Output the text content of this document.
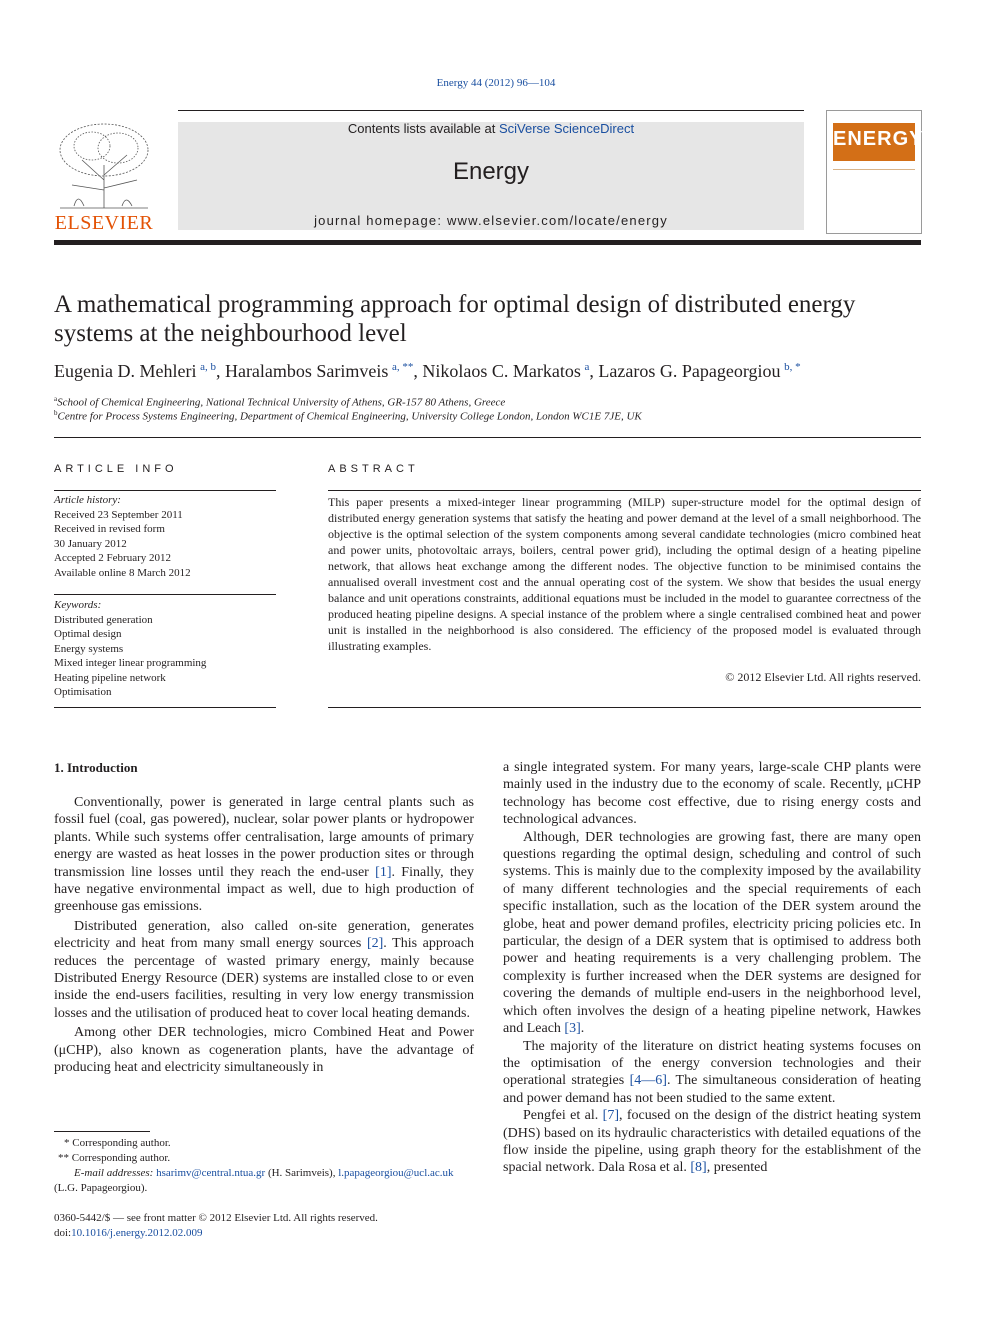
Energy 44 (2012) 96—104
ELSEVIER
Contents lists available at SciVerse ScienceDirect
Energy
journal homepage: www.elsevier.com/locate/energy
ENERGY
A mathematical programming approach for optimal design of distributed energy systems at the neighbourhood level
Eugenia D. Mehleri  $^{a, b}$, Haralambos Sarimveis  $^{a, **}$, Nikolaos C. Markatos  $^a$, Lazaros G. Papageorgiou  $^{b, *}$
$^a$School of Chemical Engineering, National Technical University of Athens, GR-157 80 Athens, Greece
$^b$Centre for Process Systems Engineering, Department of Chemical Engineering, University College London, London WC1E 7JE, UK
ARTICLE INFO
Article history:
Received 23 September 2011
Received in revised form
30 January 2012
Accepted 2 February 2012
Available online 8 March 2012
Keywords:
Distributed generation
Optimal design
Energy systems
Mixed integer linear programming
Heating pipeline network
Optimisation
ABSTRACT
This paper presents a mixed-integer linear programming (MILP) super-structure model for the optimal design of distributed energy generation systems that satisfy the heating and power demand at the level of a small neighborhood. The objective is the optimal selection of the system components among several candidate technologies (micro combined heat and power units, photovoltaic arrays, boilers, central power grid), including the optimal design of a heating pipeline network, that allows heat exchange among the different nodes. The objective function to be minimised contains the annualised overall investment cost and the annual operating cost of the system. We show that besides the usual energy balance and unit operations constraints, additional equations must be included in the model to guarantee correctness of the produced heating pipeline designs. A special instance of the problem where a single centralised combined heat and power unit is installed in the neighborhood is also considered. The efficiency of the proposed model is evaluated through illustrating examples.
© 2012 Elsevier Ltd. All rights reserved.
1. Introduction

Conventionally, power is generated in large central plants such as fossil fuel (coal, gas powered), nuclear, solar power plants or hydropower plants. While such systems offer centralisation, large amounts of primary energy are wasted as heat losses in the power production sites or through transmission line losses until they reach the end-user [1]. Finally, they have negative environmental impact as well, due to high production of greenhouse gas emissions.

Distributed generation, also called on-site generation, generates electricity and heat from many small energy sources [2]. This approach reduces the percentage of wasted primary energy, mainly because Distributed Energy Resource (DER) systems are installed close to or even inside the end-users facilities, resulting in very low energy transmission losses and the utilisation of produced heat to cover local heating demands.

Among other DER technologies, micro Combined Heat and Power (μCHP), also known as cogeneration plants, have the advantage of producing heat and electricity simultaneously in

a single integrated system. For many years, large-scale CHP plants were mainly used in the industry due to the economy of scale. Recently, μCHP technology has become cost effective, due to rising energy costs and technological advances.

Although, DER technologies are growing fast, there are many open questions regarding the optimal design, scheduling and control of such systems. This is mainly due to the complexity imposed by the availability of many different technologies and the special requirements of each specific installation, such as the location of the DER system around the globe, heat and power demand profiles, electricity pricing policies etc. In particular, the design of a DER system that is optimised to address both power and heating requirements is a very challenging problem. The complexity is further increased when the DER systems are designed for covering the demands of multiple end-users in the neighborhood level, which often involves the design of a heating pipeline network, Hawkes and Leach [3].

The majority of the literature on district heating systems focuses on the optimisation of the energy conversion technologies and their operational strategies [4—6]. The simultaneous consideration of heating and power demand has not been studied to the same extent.

Pengfei et al. [7], focused on the design of the district heating system (DHS) based on its hydraulic characteristics with detailed equations of the flow inside the pipeline, using graph theory for the establishment of the spacial network. Dala Rosa et al. [8], presented

* Corresponding author.
** Corresponding author.
E-mail addresses: hsarimv@central.ntua.gr (H. Sarimveis), l.papageorgiou@ucl.ac.uk (L.G. Papageorgiou).
0360-5442/$ — see front matter © 2012 Elsevier Ltd. All rights reserved.
doi:10.1016/j.energy.2012.02.009
